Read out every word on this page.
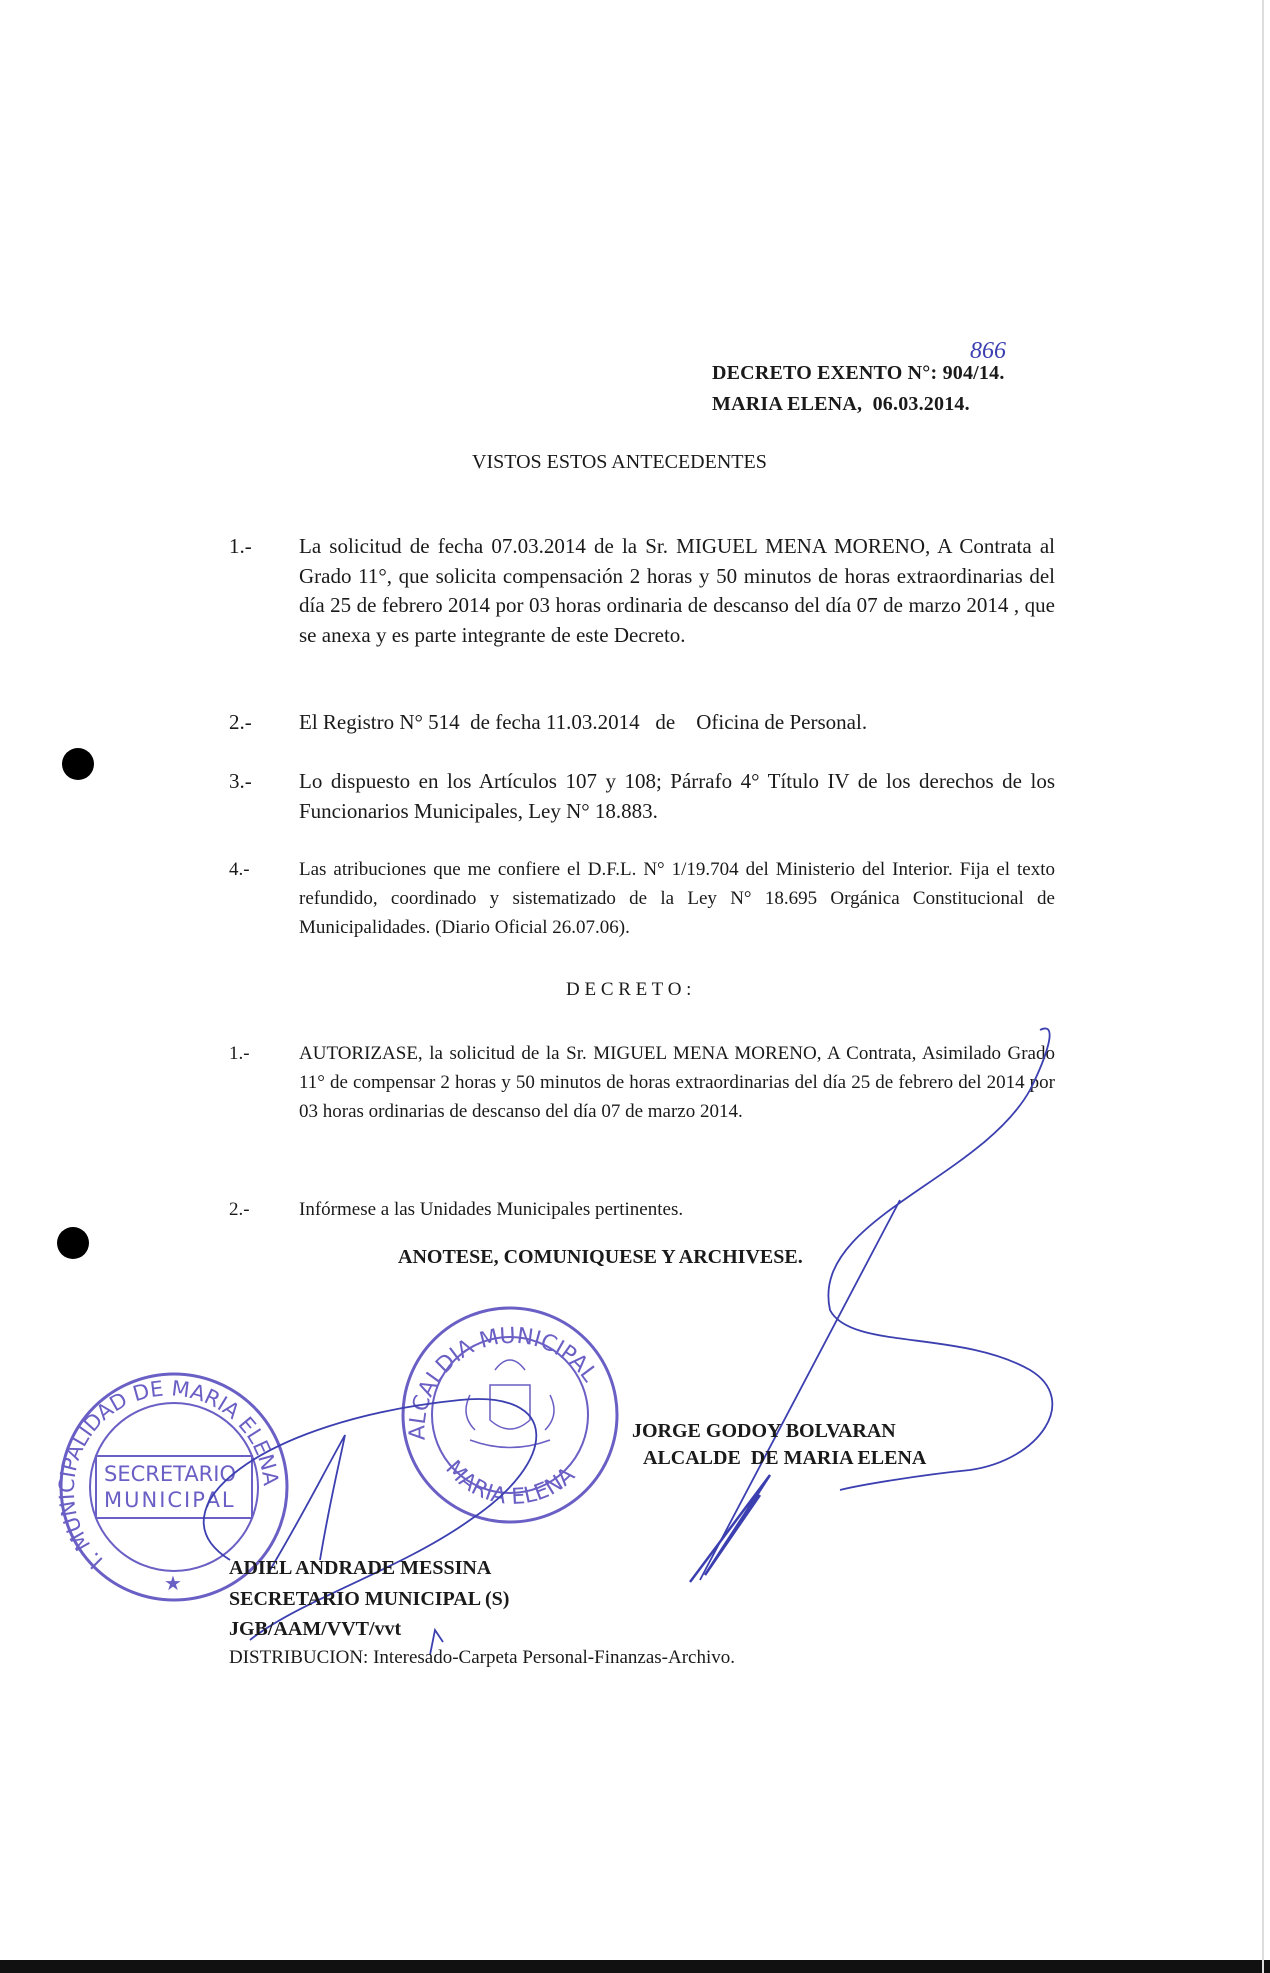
DECRETO EXENTO N°: 904/14.
866
MARIA ELENA,  06.03.2014.
VISTOS ESTOS ANTECEDENTES
1.- La solicitud de fecha 07.03.2014 de la Sr. MIGUEL MENA MORENO, A Contrata al Grado 11°, que solicita compensación 2 horas y 50 minutos de horas extraordinarias del día 25 de febrero 2014 por 03 horas ordinaria de descanso del día 07 de marzo 2014 , que se anexa y es parte integrante de este Decreto.
2.- El Registro N° 514  de fecha 11.03.2014   de    Oficina de Personal.
3.- Lo dispuesto en los Artículos 107 y 108; Párrafo 4° Título IV de los derechos de los Funcionarios Municipales, Ley N° 18.883.
4.-	Las atribuciones que me confiere el D.F.L. N° 1/19.704 del Ministerio del Interior. Fija el texto refundido, coordinado y sistematizado de la Ley N° 18.695 Orgánica Constitucional de Municipalidades. (Diario Oficial 26.07.06).
D E C R E T O :
1.-	AUTORIZASE, la solicitud de la Sr. MIGUEL MENA MORENO, A Contrata, Asimilado Grado 11° de compensar 2 horas y 50 minutos de horas extraordinarias del día 25 de febrero del 2014 por 03 horas ordinarias de descanso del día 07 de marzo 2014.
2.-	Infórmese a las Unidades Municipales pertinentes.
ANOTESE, COMUNIQUESE Y ARCHIVESE.
I. MUNICIPALIDAD DE MARIA ELENA
SECRETARIO
MUNICIPAL
★
ALCALDIA MUNICIPAL
MARIA ELENA
JORGE GODOY BOLVARAN
ALCALDE  DE MARIA ELENA
ADIEL ANDRADE MESSINA
SECRETARIO MUNICIPAL (S)
JGB/AAM/VVT/vvt
DISTRIBUCION: Interesado-Carpeta Personal-Finanzas-Archivo.
